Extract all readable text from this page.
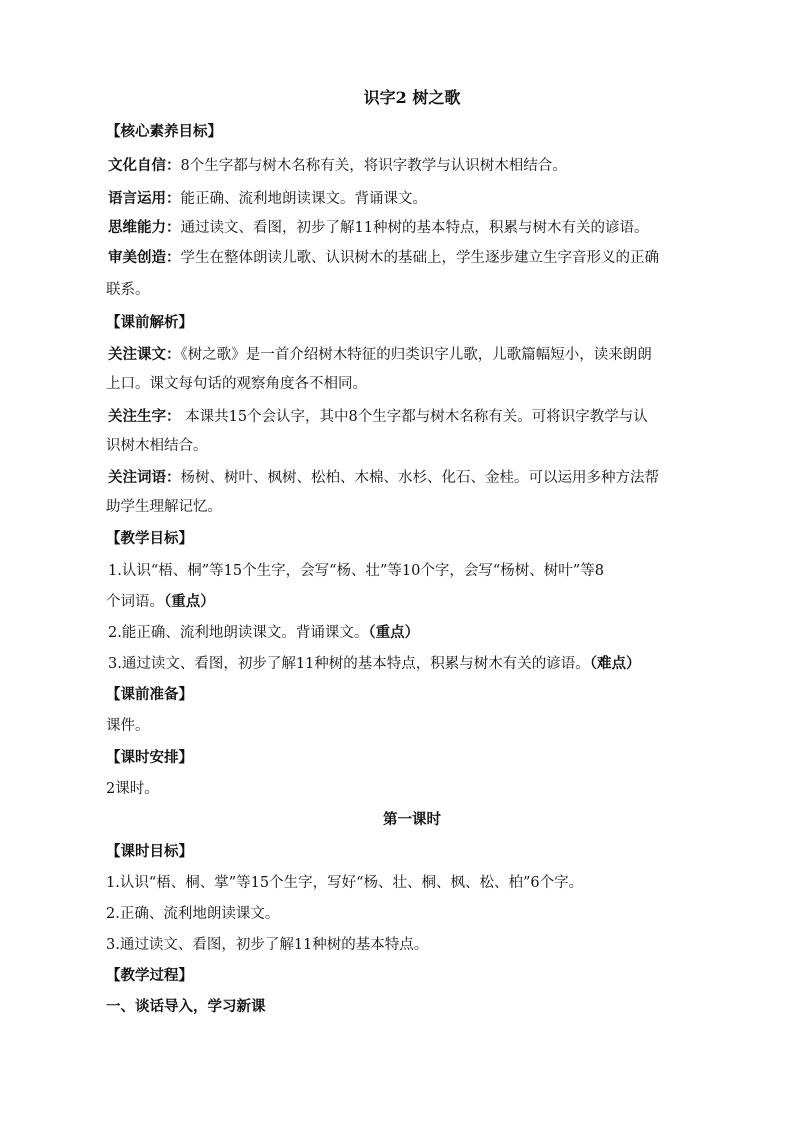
识字2 树之歌
【核心素养目标】
文化自信：8个生字都与树木名称有关，将识字教学与认识树木相结合。
语言运用：能正确、流利地朗读课文。背诵课文。
思维能力：通过读文、看图，初步了解11种树的基本特点，积累与树木有关的谚语。
审美创造：学生在整体朗读儿歌、认识树木的基础上，学生逐步建立生字音形义的正确
联系。
【课前解析】
关注课文：《树之歌》是一首介绍树木特征的归类识字儿歌，儿歌篇幅短小，读来朗朗
上口。课文每句话的观察角度各不相同。
关注生字： 本课共15个会认字，其中8个生字都与树木名称有关。可将识字教学与认
识树木相结合。
关注词语：杨树、树叶、枫树、松柏、木棉、水杉、化石、金桂。可以运用多种方法帮
助学生理解记忆。
【教学目标】
1.认识“梧、桐”等15个生字，会写“杨、壮”等10个字，会写“杨树、树叶”等8
个词语。（重点）
2.能正确、流利地朗读课文。背诵课文。（重点）
3.通过读文、看图，初步了解11种树的基本特点，积累与树木有关的谚语。（难点）
【课前准备】
课件。
【课时安排】
2课时。
第一课时
【课时目标】
1.认识“梧、桐、掌”等15个生字，写好“杨、壮、桐、枫、松、柏”6个字。
2.正确、流利地朗读课文。
3.通过读文、看图，初步了解11种树的基本特点。
【教学过程】
一、谈话导入，学习新课
